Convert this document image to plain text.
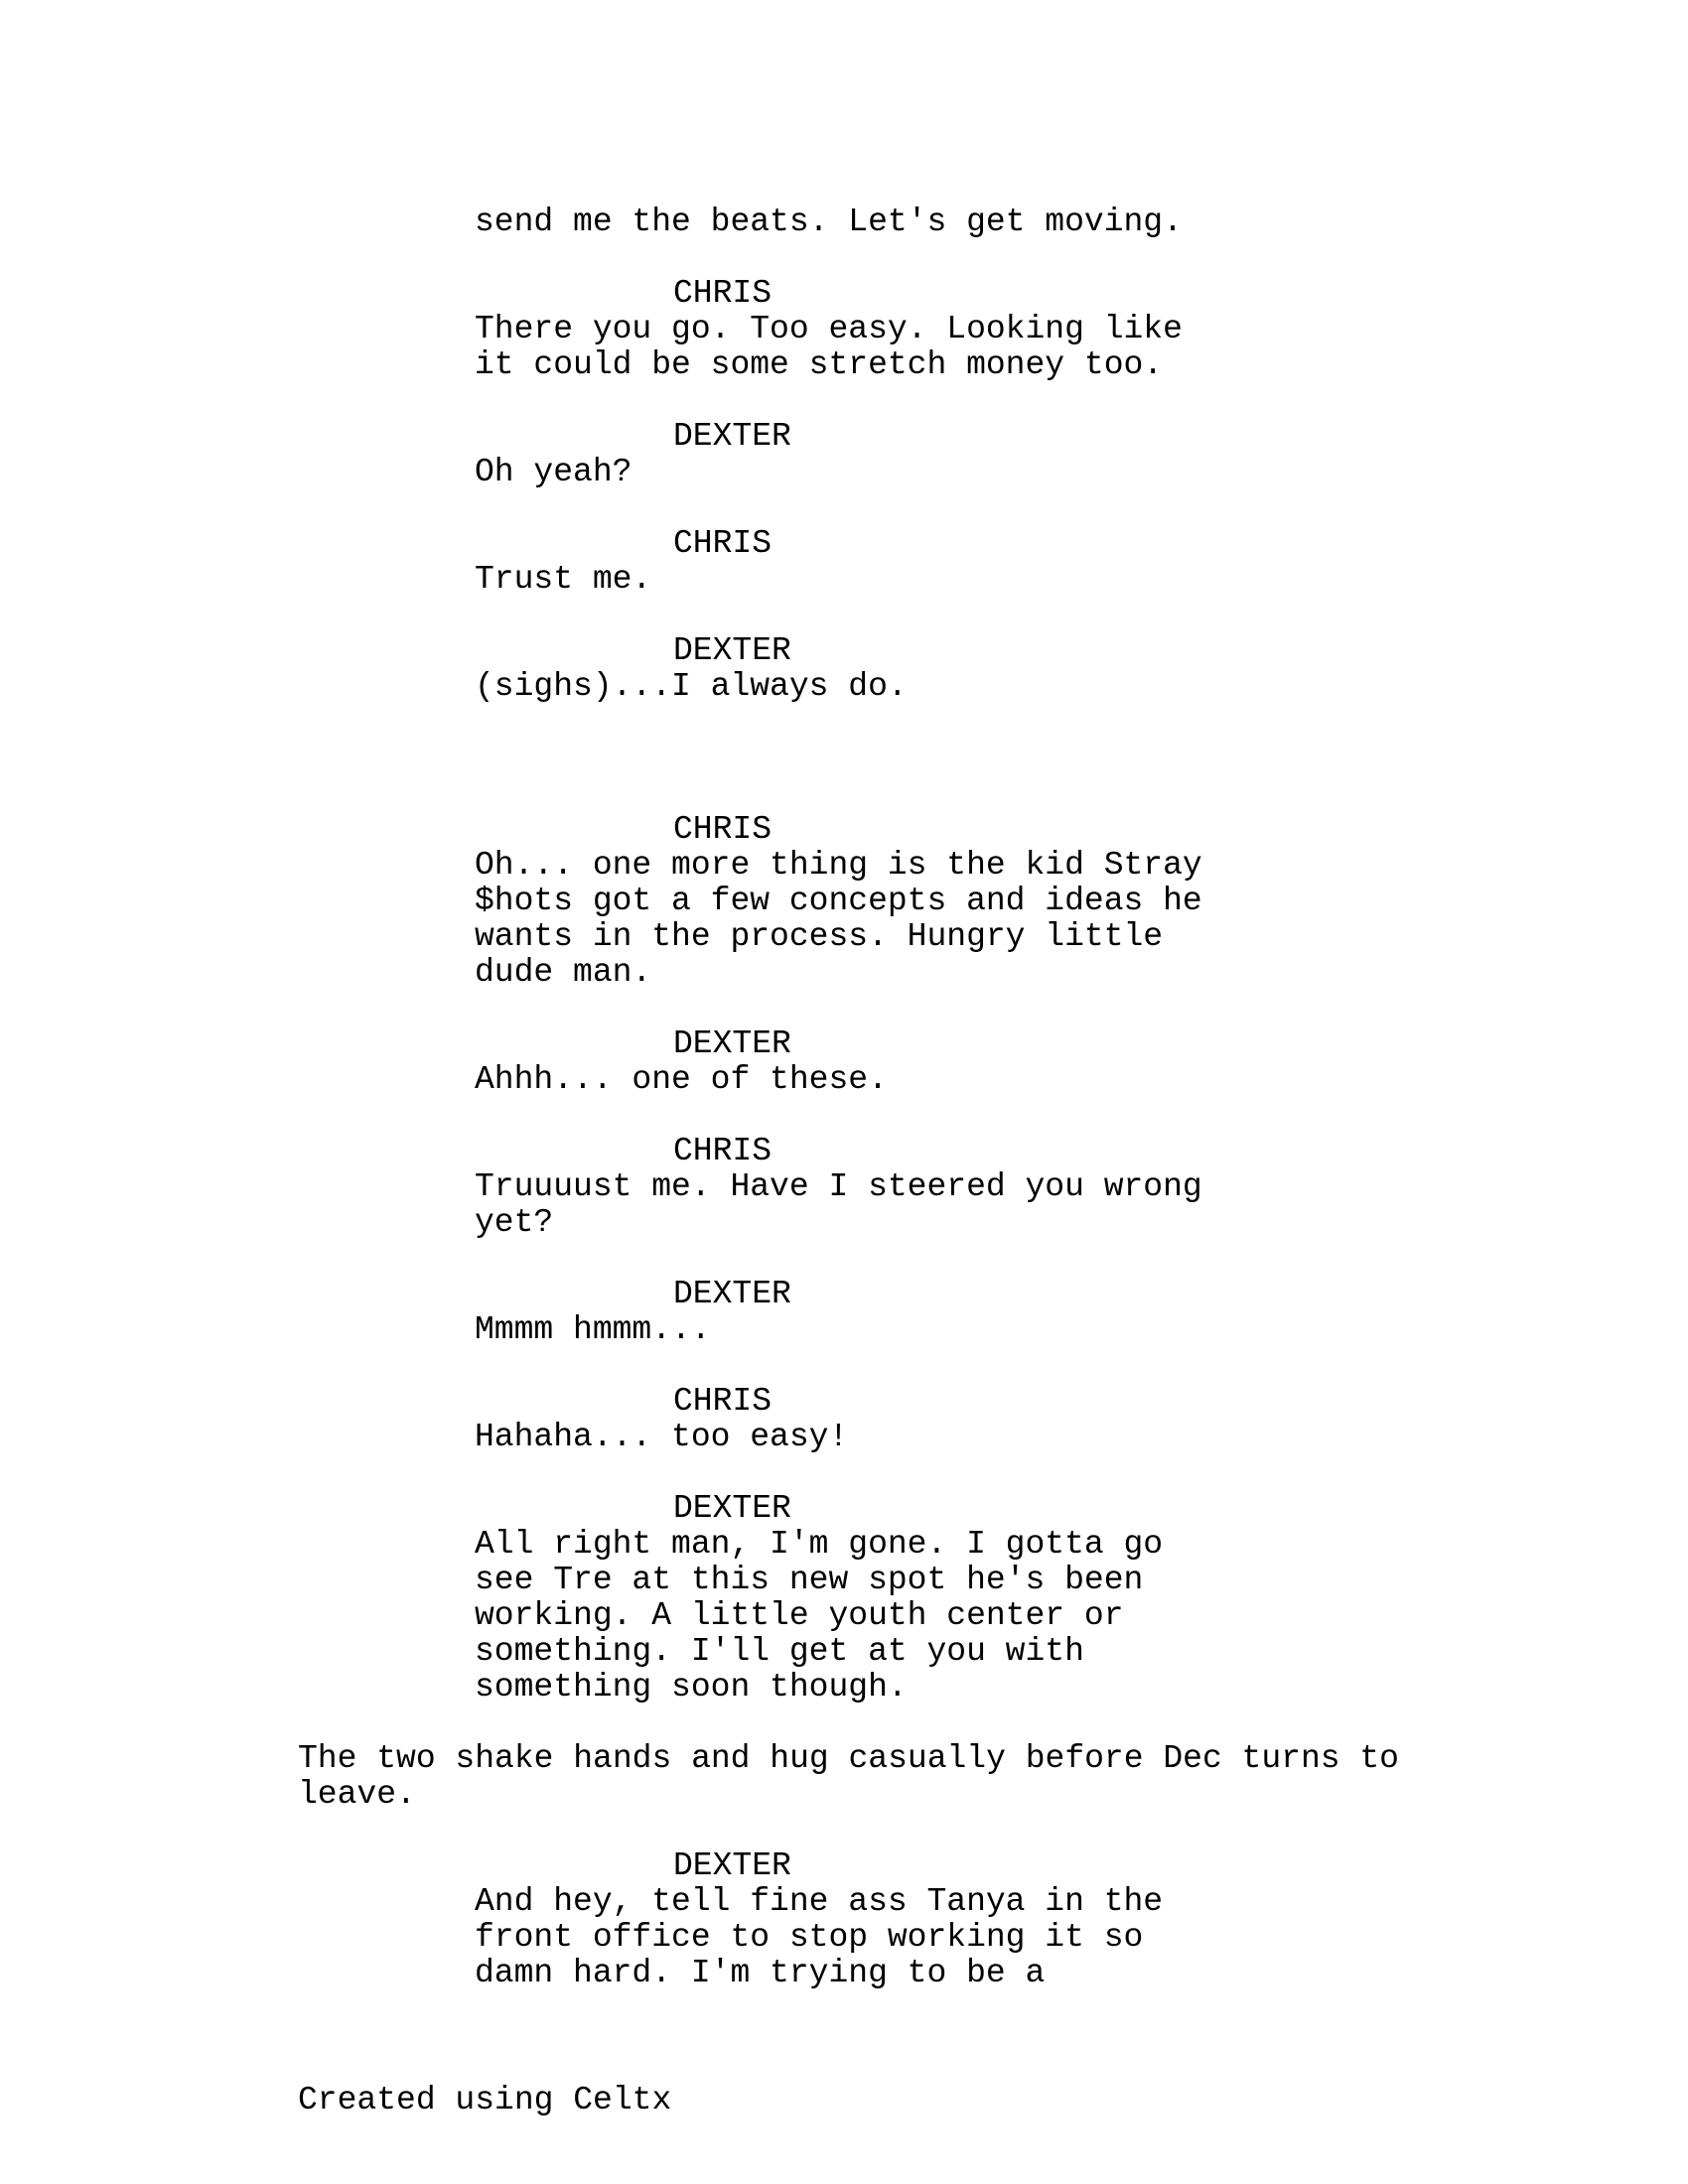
send me the beats. Let's get moving.

CHRIS

There you go. Too easy. Looking like

it could be some stretch money too.

DEXTER

Oh yeah?

CHRIS

Trust me.

DEXTER

(sighs)...I always do.

CHRIS

Oh... one more thing is the kid Stray

$hots got a few concepts and ideas he

wants in the process. Hungry little

dude man.

DEXTER

Ahhh... one of these.

CHRIS

Truuuust me. Have I steered you wrong

yet?

DEXTER

Mmmm hmmm...

CHRIS

Hahaha... too easy!

DEXTER

All right man, I'm gone. I gotta go

see Tre at this new spot he's been

working. A little youth center or

something. I'll get at you with

something soon though.

The two shake hands and hug casually before Dec turns to

leave.

DEXTER

And hey, tell fine ass Tanya in the

front office to stop working it so

damn hard. I'm trying to be a

Created using Celtx
